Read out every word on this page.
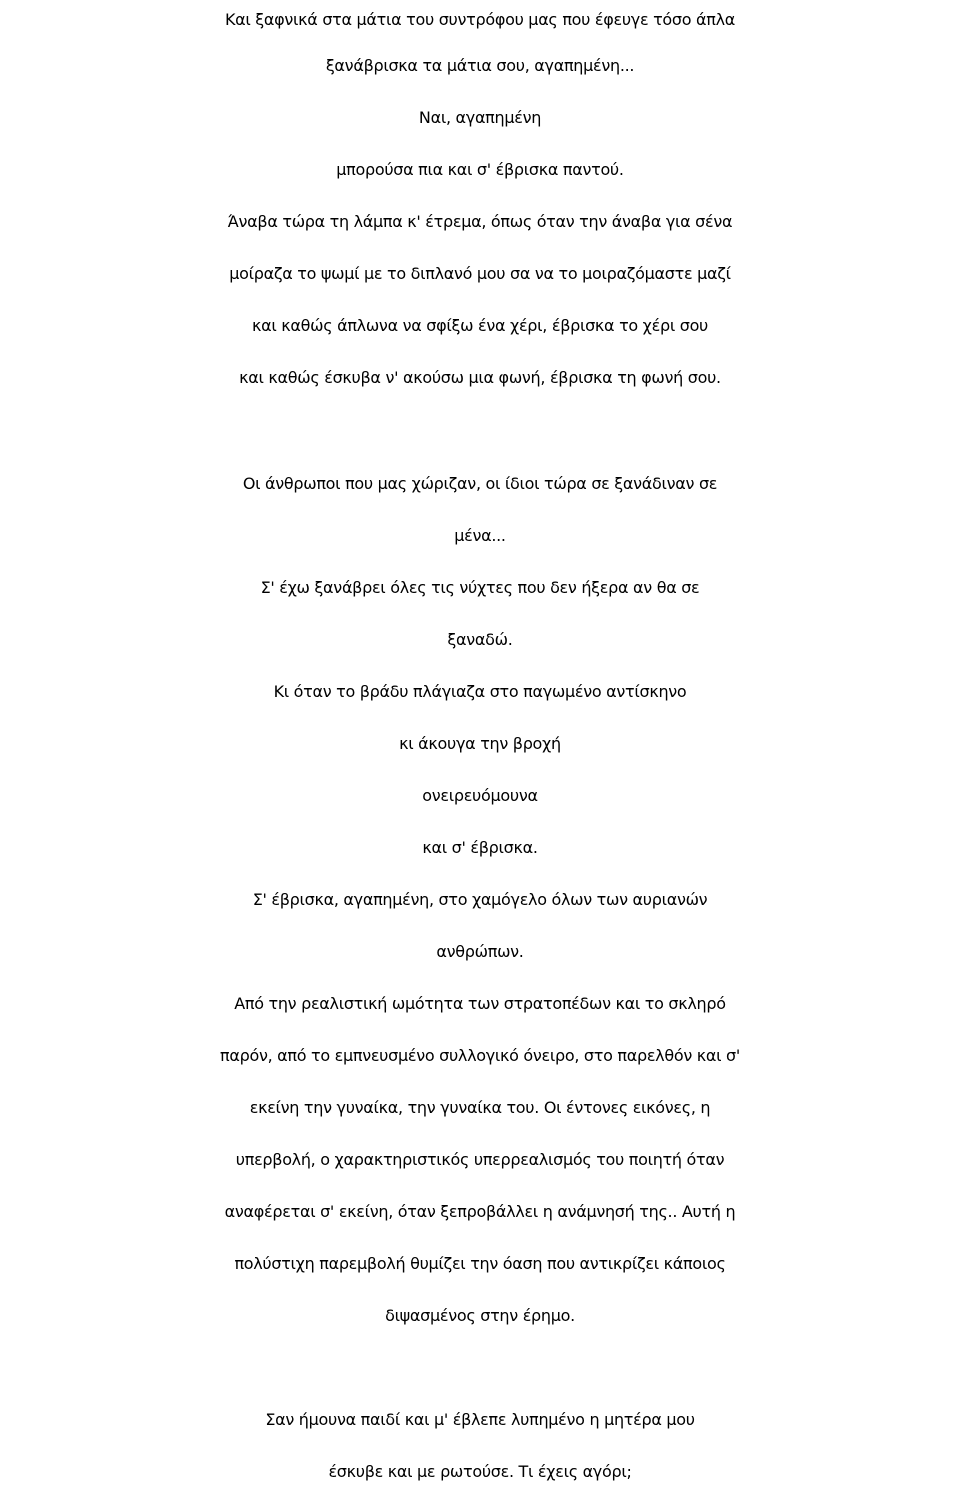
Και ξαφνικά στα μάτια του συντρόφου μας που έφευγε τόσο άπλα
ξανάβρισκα τα μάτια σου, αγαπημένη...
Ναι, αγαπημένη
μπορούσα πια και σ' έβρισκα παντού.
Άναβα τώρα τη λάμπα κ' έτρεμα, όπως όταν την άναβα για σένα
μοίραζα το ψωμί με το διπλανό μου σα να το μοιραζόμαστε μαζί
και καθώς άπλωνα να σφίξω ένα χέρι, έβρισκα το χέρι σου
και καθώς έσκυβα ν' ακούσω μια φωνή, έβρισκα τη φωνή σου.
Οι άνθρωποι που μας χώριζαν, οι ίδιοι τώρα σε ξανάδιναν σε
μένα...
Σ' έχω ξανάβρει όλες τις νύχτες που δεν ήξερα αν θα σε
ξαναδώ.
Κι όταν το βράδυ πλάγιαζα στο παγωμένο αντίσκηνο
κι άκουγα την βροχή
ονειρευόμουνα
και σ' έβρισκα.
Σ' έβρισκα, αγαπημένη, στο χαμόγελο όλων των αυριανών
ανθρώπων.
Από την ρεαλιστική ωμότητα των στρατοπέδων και το σκληρό
παρόν, από το εμπνευσμένο συλλογικό όνειρο, στο παρελθόν και σ'
εκείνη την γυναίκα, την γυναίκα του. Οι έντονες εικόνες, η
υπερβολή, ο χαρακτηριστικός υπερρεαλισμός του ποιητή όταν
αναφέρεται σ' εκείνη, όταν ξεπροβάλλει η ανάμνησή της.. Αυτή η
πολύστιχη παρεμβολή θυμίζει την όαση που αντικρίζει κάποιος
διψασμένος στην έρημο.
Σαν ήμουνα παιδί και μ' έβλεπε λυπημένο η μητέρα μου
έσκυβε και με ρωτούσε. Τι έχεις αγόρι;
